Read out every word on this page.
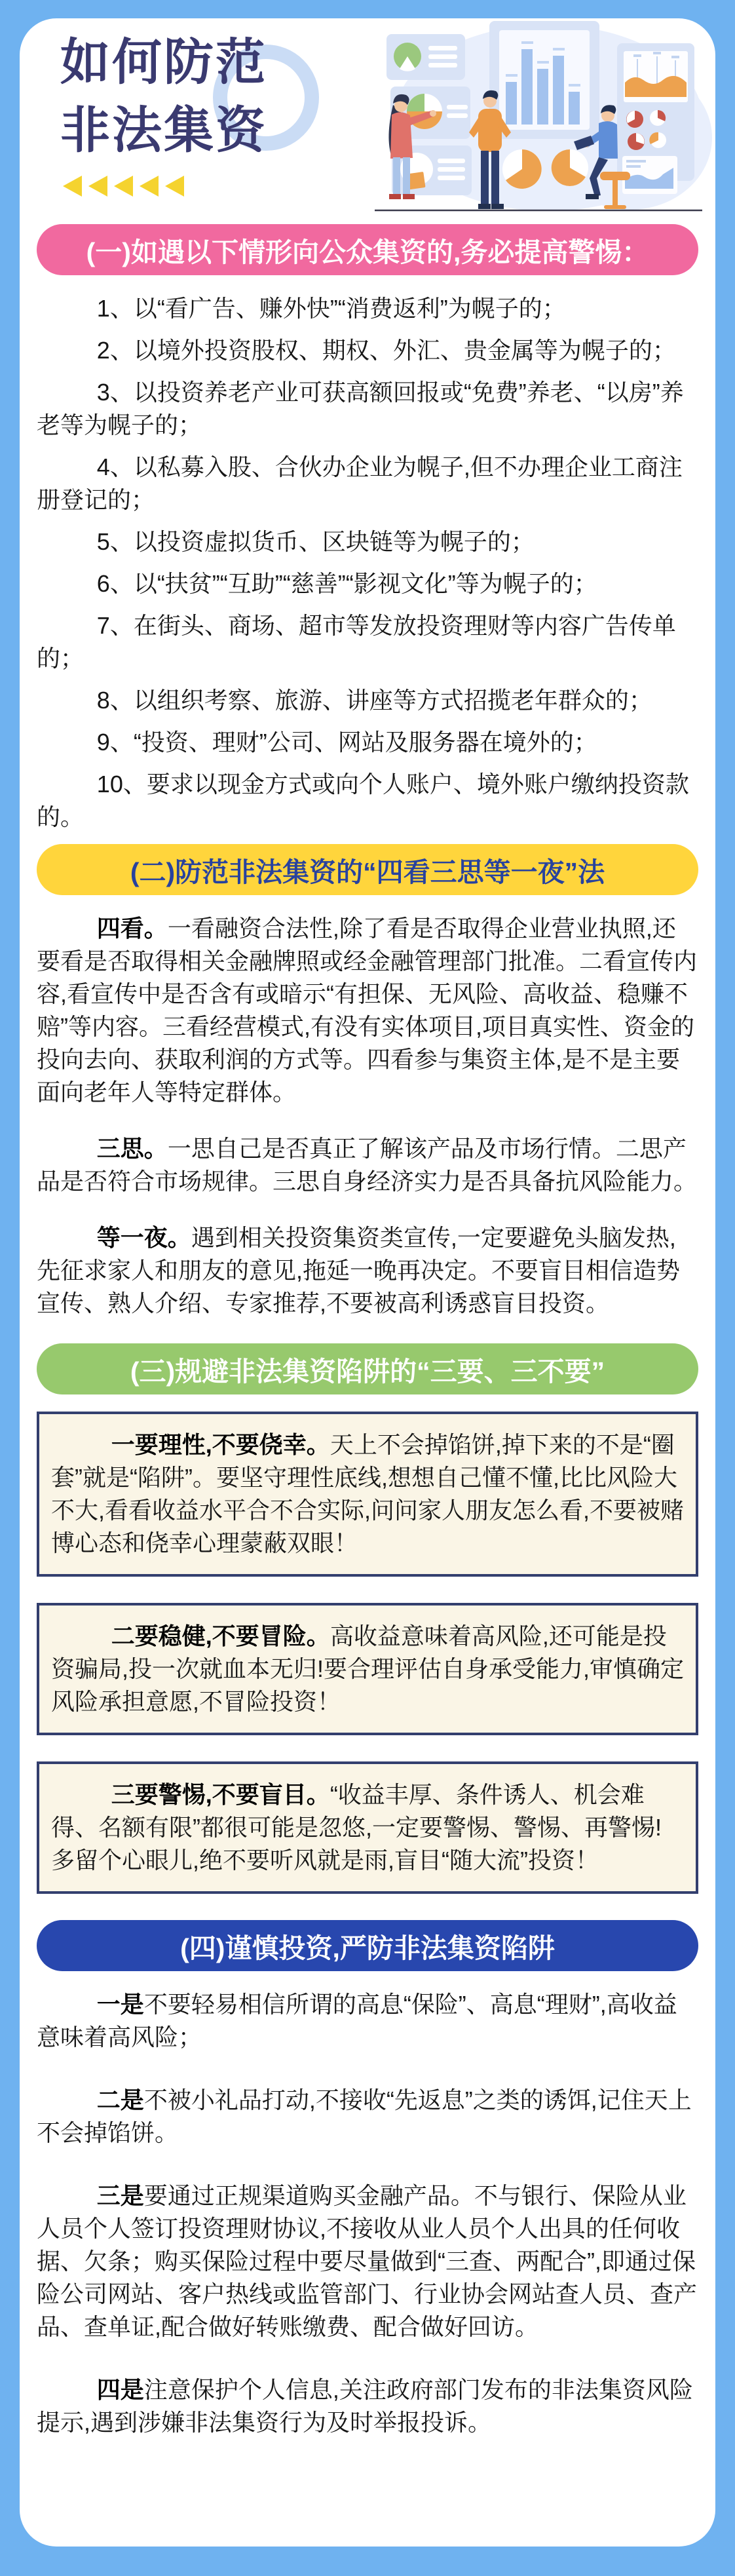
如何防范
非法集资
(一)如遇以下情形向公众集资的,务必提高警惕：

1、以“看广告、赚外快”“消费返利”为幌子的；

2、以境外投资股权、期权、外汇、贵金属等为幌子的；

3、以投资养老产业可获高额回报或“免费”养老、“以房”养老等为幌子的；

4、以私募入股、合伙办企业为幌子,但不办理企业工商注册登记的；

5、以投资虚拟货币、区块链等为幌子的；

6、以“扶贫”“互助”“慈善”“影视文化”等为幌子的；

7、在街头、商场、超市等发放投资理财等内容广告传单的；

8、以组织考察、旅游、讲座等方式招揽老年群众的；

9、“投资、理财”公司、网站及服务器在境外的；

10、要求以现金方式或向个人账户、境外账户缴纳投资款的。

(二)防范非法集资的“四看三思等一夜”法

四看。一看融资合法性,除了看是否取得企业营业执照,还要看是否取得相关金融牌照或经金融管理部门批准。二看宣传内容,看宣传中是否含有或暗示“有担保、无风险、高收益、稳赚不赔”等内容。三看经营模式,有没有实体项目,项目真实性、资金的投向去向、获取利润的方式等。四看参与集资主体,是不是主要面向老年人等特定群体。

三思。一思自己是否真正了解该产品及市场行情。二思产品是否符合市场规律。三思自身经济实力是否具备抗风险能力。

等一夜。遇到相关投资集资类宣传,一定要避免头脑发热,先征求家人和朋友的意见,拖延一晚再决定。不要盲目相信造势宣传、熟人介绍、专家推荐,不要被高利诱惑盲目投资。

(三)规避非法集资陷阱的“三要、三不要”

一要理性,不要侥幸。天上不会掉馅饼,掉下来的不是“圈套”就是“陷阱”。要坚守理性底线,想想自己懂不懂,比比风险大不大,看看收益水平合不合实际,问问家人朋友怎么看,不要被赌博心态和侥幸心理蒙蔽双眼！

二要稳健,不要冒险。高收益意味着高风险,还可能是投资骗局,投一次就血本无归!要合理评估自身承受能力,审慎确定风险承担意愿,不冒险投资！

三要警惕,不要盲目。“收益丰厚、条件诱人、机会难得、名额有限”都很可能是忽悠,一定要警惕、警惕、再警惕!多留个心眼儿,绝不要听风就是雨,盲目“随大流”投资！

(四)谨慎投资,严防非法集资陷阱

一是不要轻易相信所谓的高息“保险”、高息“理财”,高收益意味着高风险；

二是不被小礼品打动,不接收“先返息”之类的诱饵,记住天上不会掉馅饼。

三是要通过正规渠道购买金融产品。不与银行、保险从业人员个人签订投资理财协议,不接收从业人员个人出具的任何收据、欠条；购买保险过程中要尽量做到“三查、两配合”,即通过保险公司网站、客户热线或监管部门、行业协会网站查人员、查产品、查单证,配合做好转账缴费、配合做好回访。

四是注意保护个人信息,关注政府部门发布的非法集资风险提示,遇到涉嫌非法集资行为及时举报投诉。
